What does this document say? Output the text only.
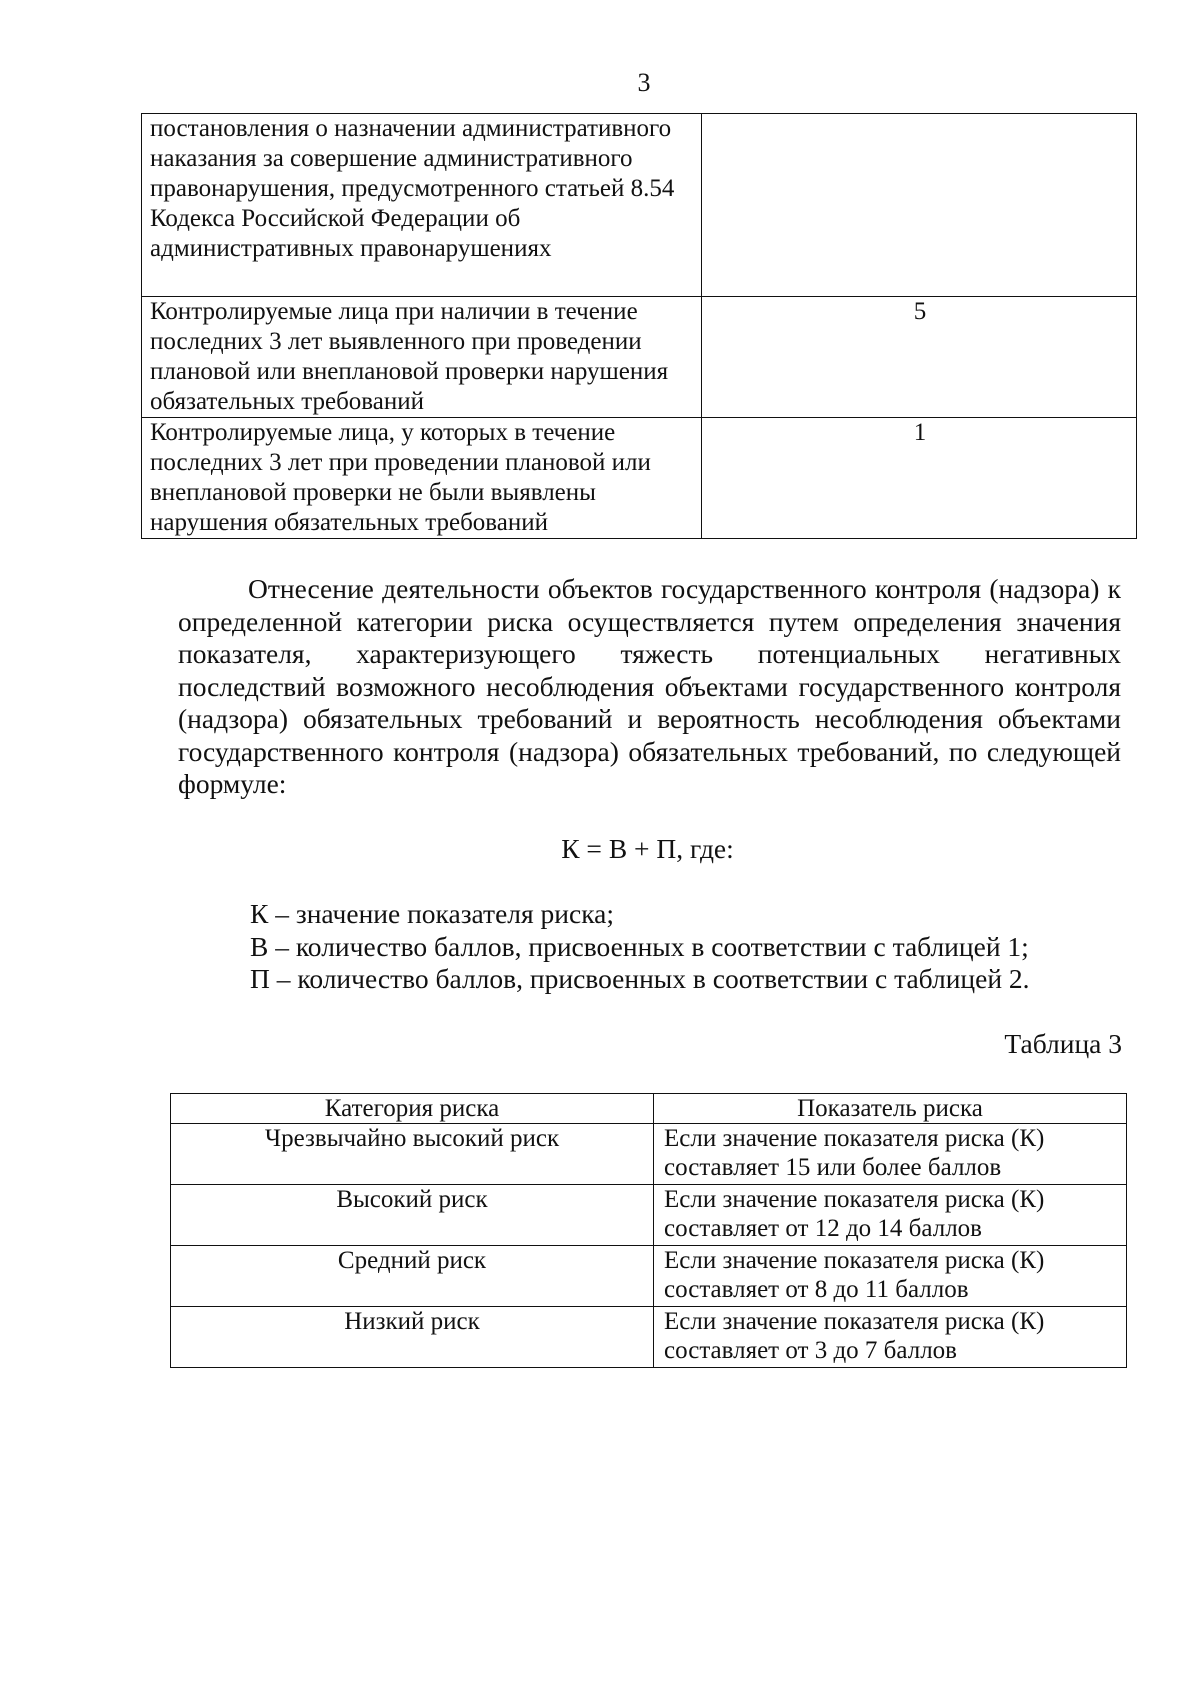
3
постановления о назначении административного наказания за совершение административного правонарушения, предусмотренного статьей 8.54 Кодекса Российской Федерации об административных правонарушениях	
Контролируемые лица при наличии в течение последних 3 лет выявленного при проведении плановой или внеплановой проверки нарушения обязательных требований	5
Контролируемые лица, у которых в течение последних 3 лет при проведении плановой или внеплановой проверки не были выявлены нарушения обязательных требований	1
Отнесение деятельности объектов государственного контроля (надзора) к определенной категории риска осуществляется путем определения значения показателя, характеризующего тяжесть потенциальных негативных последствий возможного несоблюдения объектами государственного контроля (надзора) обязательных требований и вероятность несоблюдения объектами государственного контроля (надзора) обязательных требований, по следующей формуле:
К = В + П, где:
К – значение показателя риска;
В – количество баллов, присвоенных в соответствии с таблицей 1;
П – количество баллов, присвоенных в соответствии с таблицей 2.
Таблица 3
Категория риска	Показатель риска
Чрезвычайно высокий риск	Если значение показателя риска (К) составляет 15 или более баллов
Высокий риск	Если значение показателя риска (К) составляет от 12 до 14 баллов
Средний риск	Если значение показателя риска (К) составляет от 8 до 11 баллов
Низкий риск	Если значение показателя риска (К) составляет от 3 до 7 баллов
